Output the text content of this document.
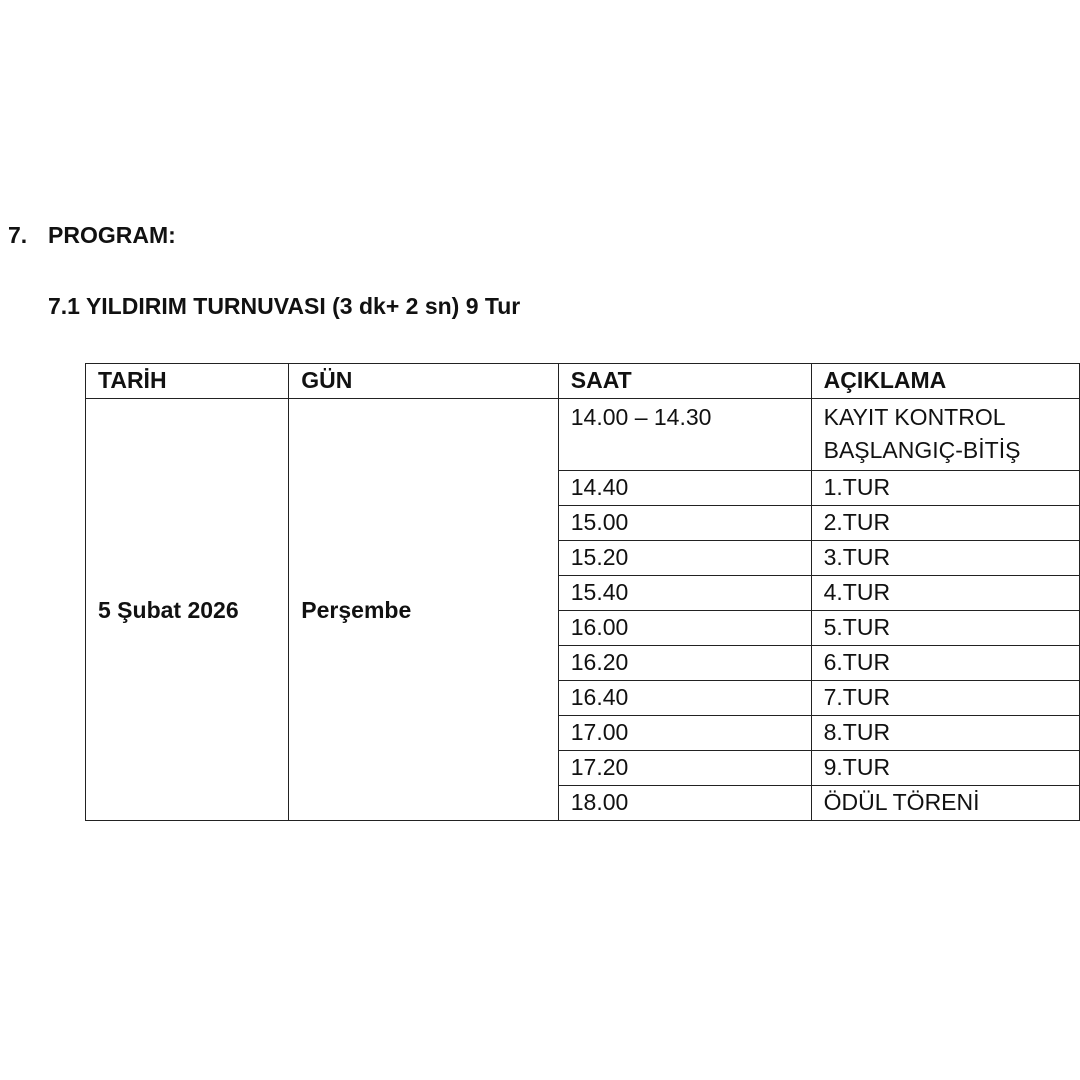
7. PROGRAM:
7.1 YILDIRIM TURNUVASI (3 dk+ 2 sn) 9 Tur
TARİH	GÜN	SAAT	AÇIKLAMA
5 Şubat 2026	Perşembe	14.00 – 14.30	KAYIT KONTROL BAŞLANGIÇ-BİTİŞ
		14.40	1.TUR
		15.00	2.TUR
		15.20	3.TUR
		15.40	4.TUR
		16.00	5.TUR
		16.20	6.TUR
		16.40	7.TUR
		17.00	8.TUR
		17.20	9.TUR
		18.00	ÖDÜL TÖRENİ
